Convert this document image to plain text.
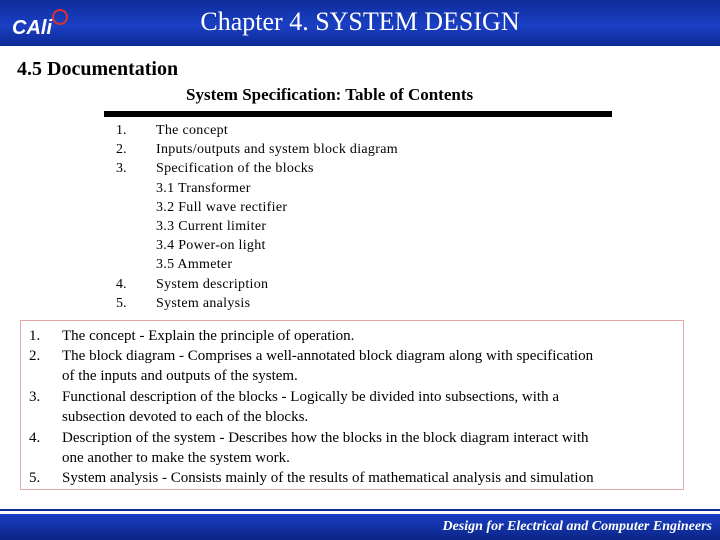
CAli	Chapter 4. SYSTEM DESIGN
4.5 Documentation
System Specification: Table of Contents
1.	The concept
2.	Inputs/outputs and system block diagram
3.	Specification of the blocks
3.1 Transformer
3.2 Full wave rectifier
3.3 Current limiter
3.4 Power-on light
3.5 Ammeter
4.	System description
5.	System analysis
1.	The concept - Explain the principle of operation.
2.	The block diagram - Comprises a well-annotated block diagram along with specification
of the inputs and outputs of the system.
3.	Functional description of the blocks - Logically be divided into subsections, with a
subsection devoted to each of the blocks.
4.	Description of the system - Describes how the blocks in the block diagram interact with
one another to make the system work.
5.	System analysis - Consists mainly of the results of mathematical analysis and simulation
Design for Electrical and Computer Engineers
